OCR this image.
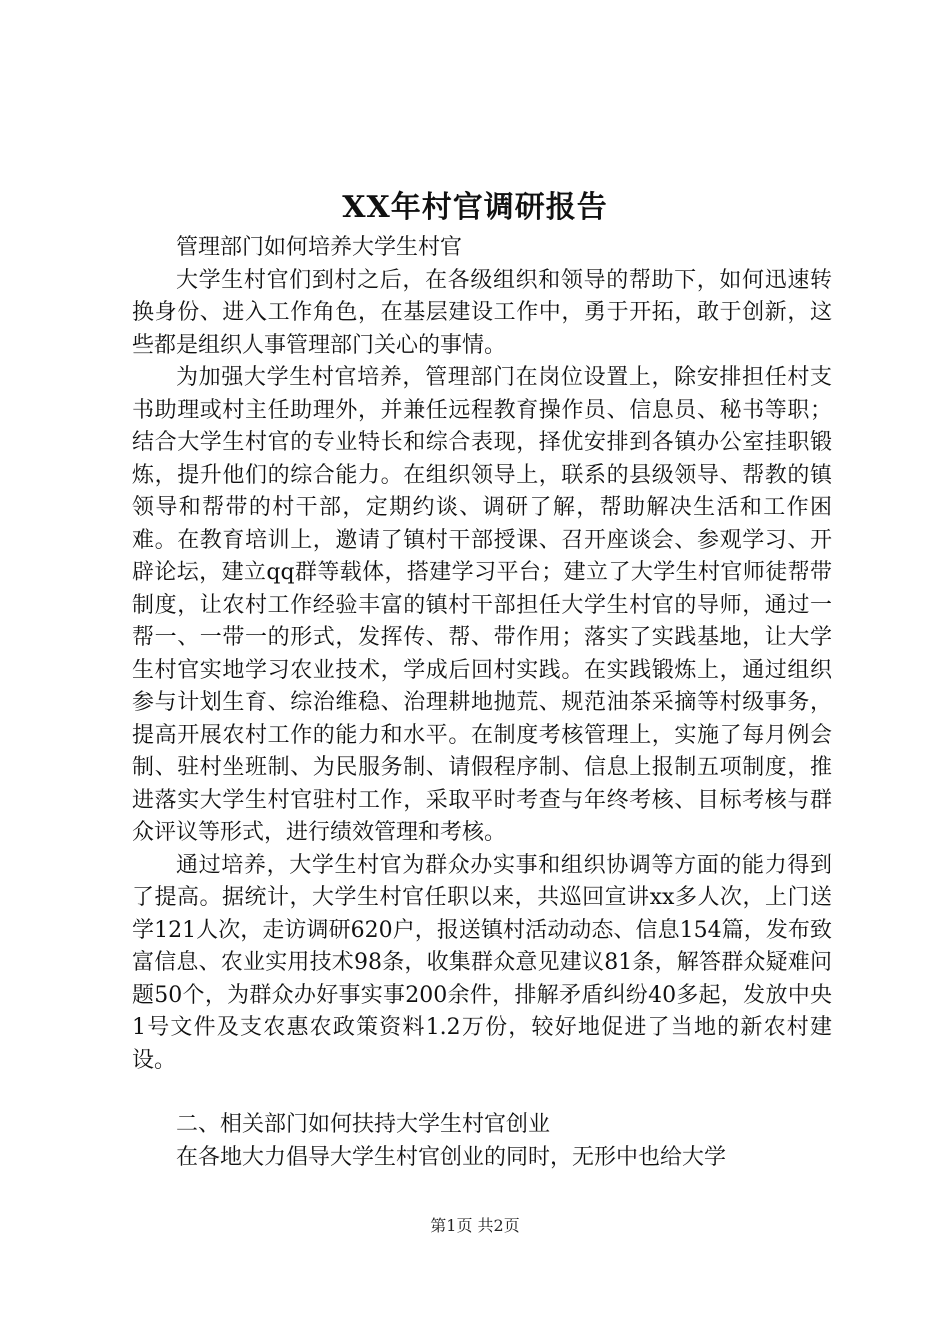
XX年村官调研报告

管理部门如何培养大学生村官

大学生村官们到村之后，在各级组织和领导的帮助下，如何迅速转换身份、进入工作角色，在基层建设工作中，勇于开拓，敢于创新，这些都是组织人事管理部门关心的事情。

为加强大学生村官培养，管理部门在岗位设置上，除安排担任村支书助理或村主任助理外，并兼任远程教育操作员、信息员、秘书等职；结合大学生村官的专业特长和综合表现，择优安排到各镇办公室挂职锻炼，提升他们的综合能力。在组织领导上，联系的县级领导、帮教的镇领导和帮带的村干部，定期约谈、调研了解，帮助解决生活和工作困难。在教育培训上，邀请了镇村干部授课、召开座谈会、参观学习、开辟论坛，建立qq群等载体，搭建学习平台；建立了大学生村官师徒帮带制度，让农村工作经验丰富的镇村干部担任大学生村官的导师，通过一帮一、一带一的形式，发挥传、帮、带作用；落实了实践基地，让大学生村官实地学习农业技术，学成后回村实践。在实践锻炼上，通过组织参与计划生育、综治维稳、治理耕地抛荒、规范油茶采摘等村级事务，提高开展农村工作的能力和水平。在制度考核管理上，实施了每月例会制、驻村坐班制、为民服务制、请假程序制、信息上报制五项制度，推进落实大学生村官驻村工作，采取平时考查与年终考核、目标考核与群众评议等形式，进行绩效管理和考核。

通过培养，大学生村官为群众办实事和组织协调等方面的能力得到了提高。据统计，大学生村官任职以来，共巡回宣讲xx多人次，上门送学121人次，走访调研620户，报送镇村活动动态、信息154篇，发布致富信息、农业实用技术98条，收集群众意见建议81条，解答群众疑难问题50个，为群众办好事实事200余件，排解矛盾纠纷40多起，发放中央1号文件及支农惠农政策资料1.2万份，较好地促进了当地的新农村建设。

二、相关部门如何扶持大学生村官创业

在各地大力倡导大学生村官创业的同时，无形中也给大学

第1页 共2页
